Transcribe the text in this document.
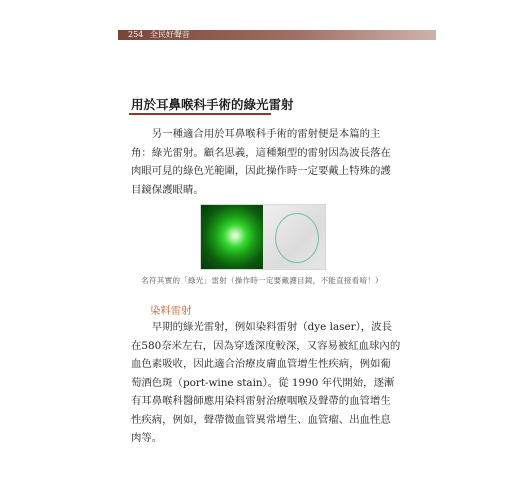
254 全民好聲音
用於耳鼻喉科手術的綠光雷射
另一種適合用於耳鼻喉科手術的雷射便是本篇的主角：綠光雷射。顧名思義，這種類型的雷射因為波長落在肉眼可見的綠色光範圍，因此操作時一定要戴上特殊的護目鏡保護眼睛。
名符其實的「綠光」雷射（操作時一定要戴護目鏡，不能直接看唷！）
染料雷射
早期的綠光雷射，例如染料雷射（dye laser），波長在580奈米左右，因為穿透深度較深，又容易被紅血球內的血色素吸收，因此適合治療皮膚血管增生性疾病，例如葡萄酒色斑（port-wine stain）。從 1990 年代開始，逐漸有耳鼻喉科醫師應用染料雷射治療咽喉及聲帶的血管增生性疾病，例如，聲帶微血管異常增生、血管瘤、出血性息肉等。
